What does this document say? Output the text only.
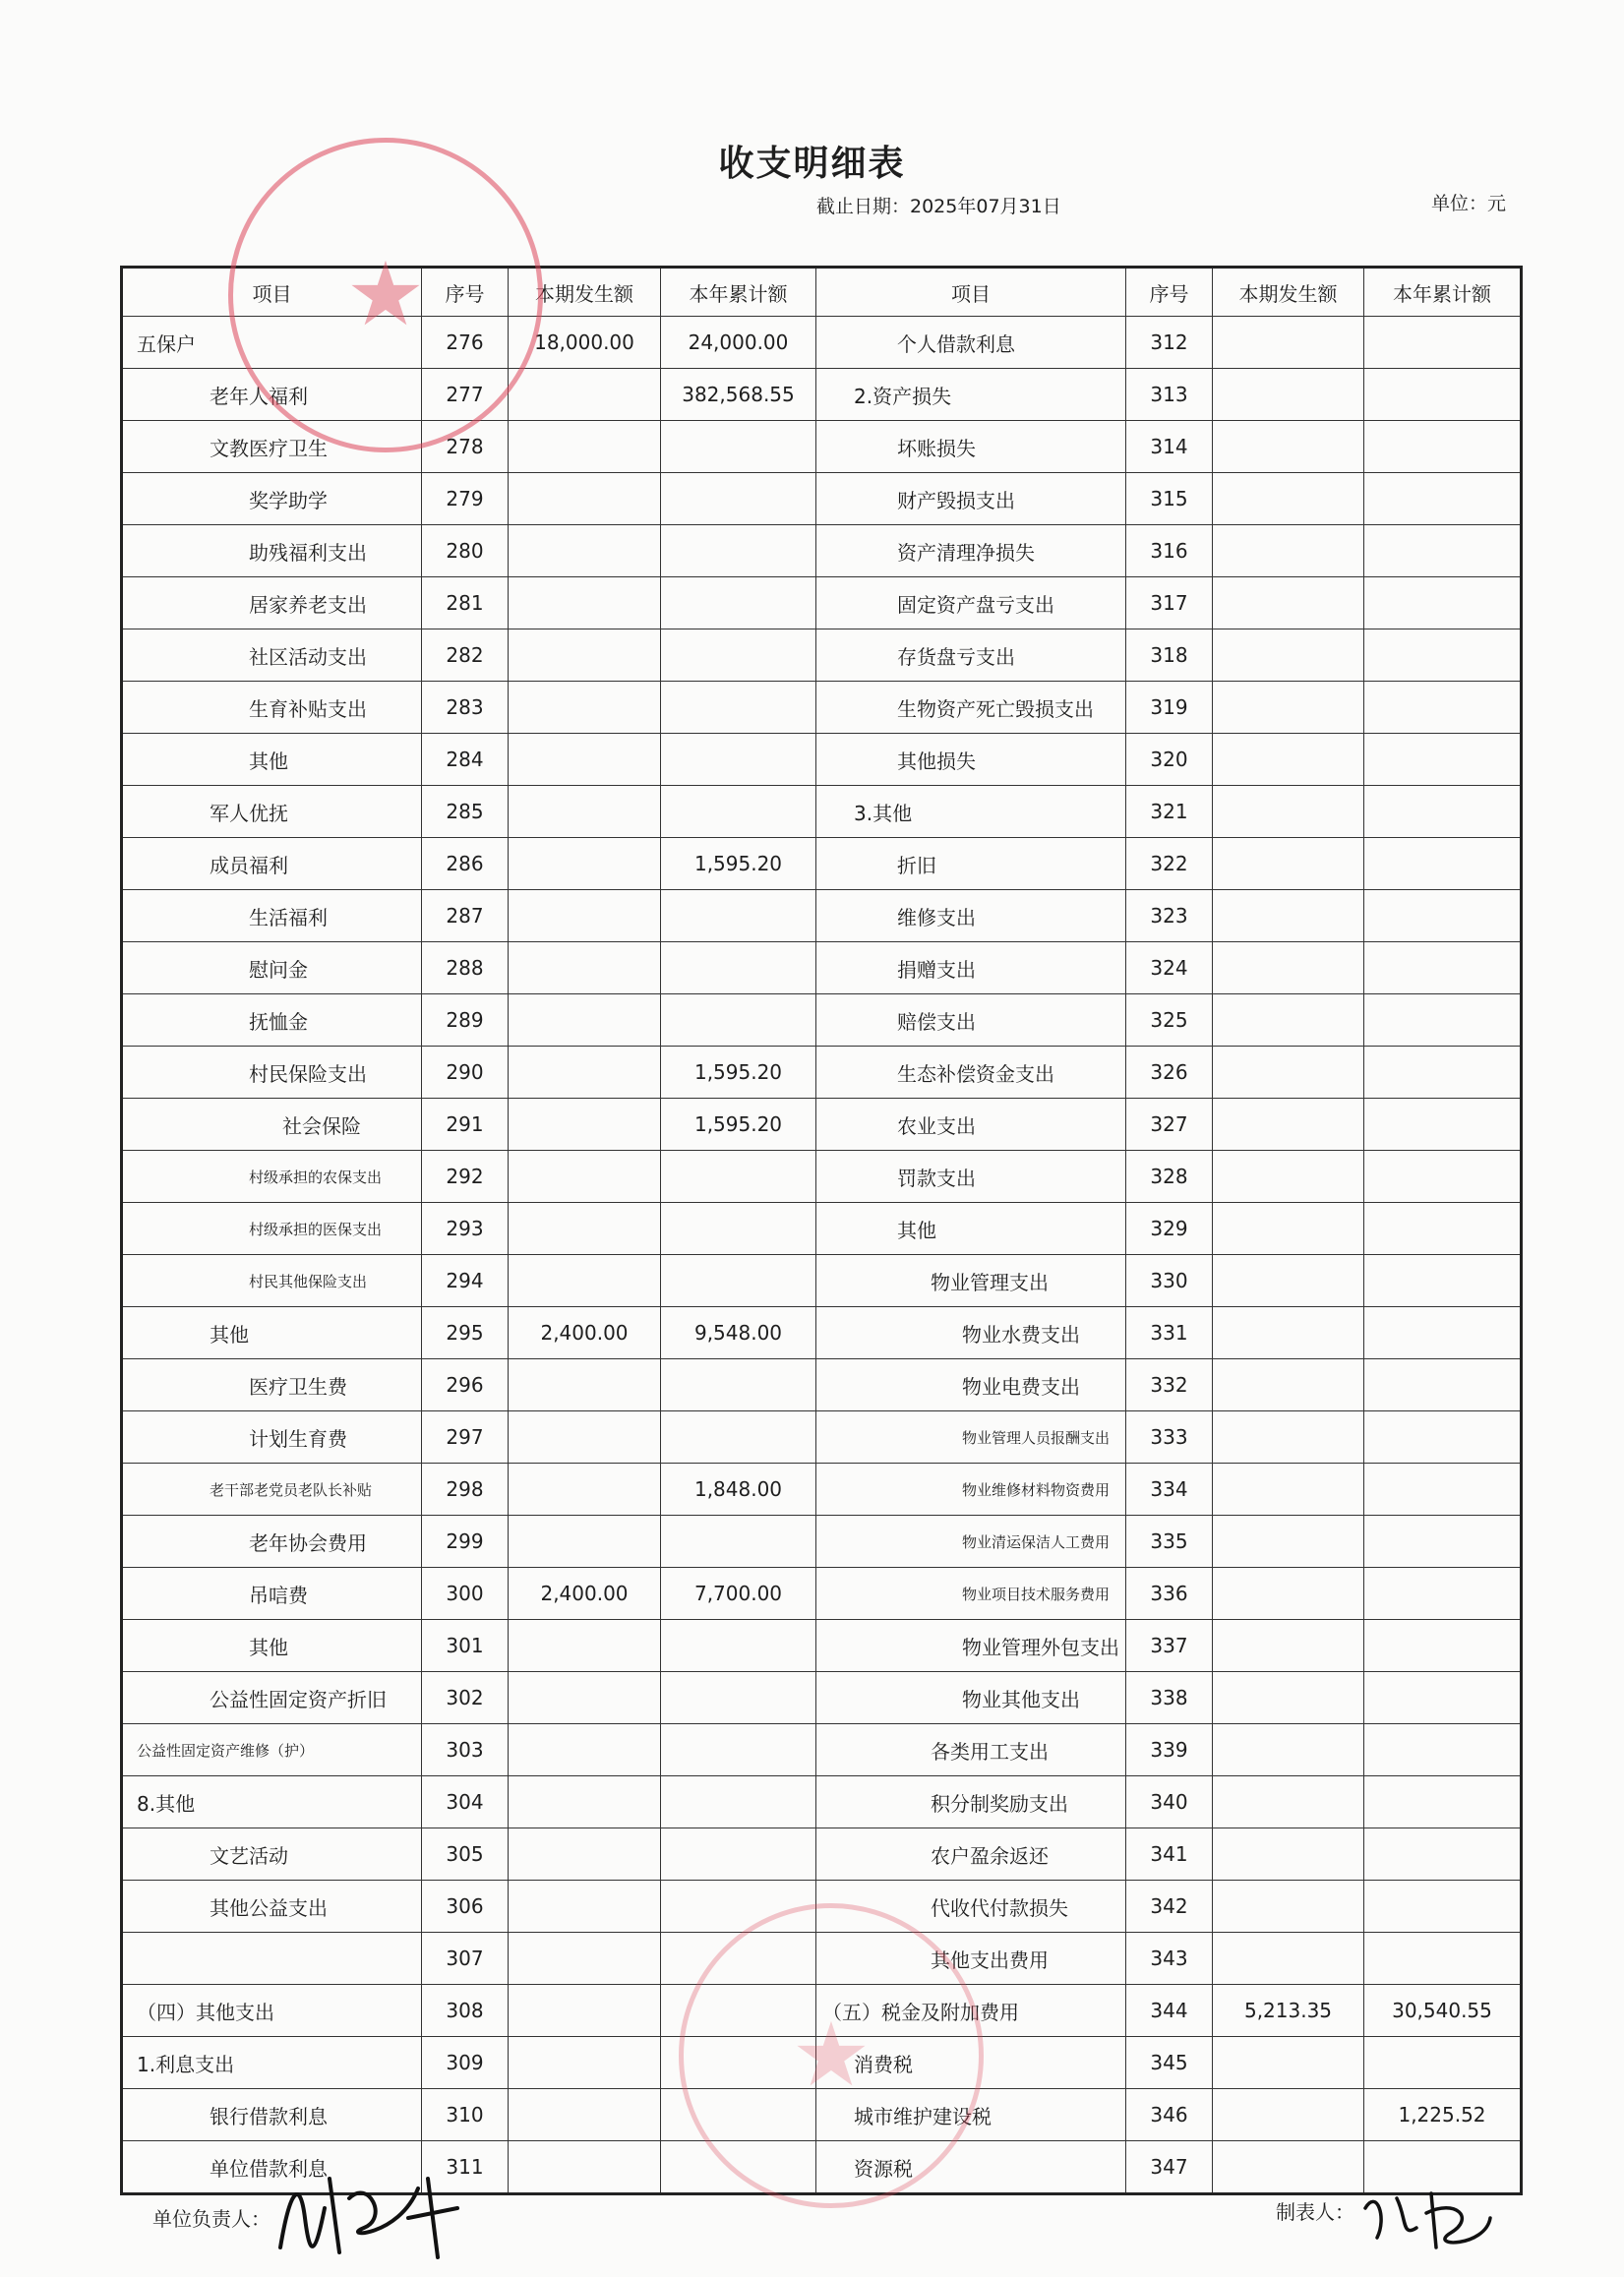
收支明细表
截止日期：2025年07月31日	单位：元
项目	序号	本期发生额	本年累计额	项目	序号	本期发生额	本年累计额
五保户	276	18,000.00	24,000.00	个人借款利息	312		
老年人福利	277		382,568.55	2.资产损失	313		
文教医疗卫生	278			坏账损失	314		
奖学助学	279			财产毁损支出	315		
助残福利支出	280			资产清理净损失	316		
居家养老支出	281			固定资产盘亏支出	317		
社区活动支出	282			存货盘亏支出	318		
生育补贴支出	283			生物资产死亡毁损支出	319		
其他	284			其他损失	320		
军人优抚	285			3.其他	321		
成员福利	286		1,595.20	折旧	322		
生活福利	287			维修支出	323		
慰问金	288			捐赠支出	324		
抚恤金	289			赔偿支出	325		
村民保险支出	290		1,595.20	生态补偿资金支出	326		
社会保险	291		1,595.20	农业支出	327		
村级承担的农保支出	292			罚款支出	328		
村级承担的医保支出	293			其他	329		
村民其他保险支出	294			物业管理支出	330		
其他	295	2,400.00	9,548.00	物业水费支出	331		
医疗卫生费	296			物业电费支出	332		
计划生育费	297			物业管理人员报酬支出	333		
老干部老党员老队长补贴	298		1,848.00	物业维修材料物资费用	334		
老年协会费用	299			物业清运保洁人工费用	335		
吊唁费	300	2,400.00	7,700.00	物业项目技术服务费用	336		
其他	301			物业管理外包支出	337		
公益性固定资产折旧	302			物业其他支出	338		
公益性固定资产维修（护）	303			各类用工支出	339		
8.其他	304			积分制奖励支出	340		
文艺活动	305			农户盈余返还	341		
其他公益支出	306			代收代付款损失	342		
	307			其他支出费用	343		
（四）其他支出	308			（五）税金及附加费用	344	5,213.35	30,540.55
1.利息支出	309			消费税	345		
银行借款利息	310			城市维护建设税	346		1,225.52
单位借款利息	311			资源税	347		
单位负责人：	制表人：
★
★
